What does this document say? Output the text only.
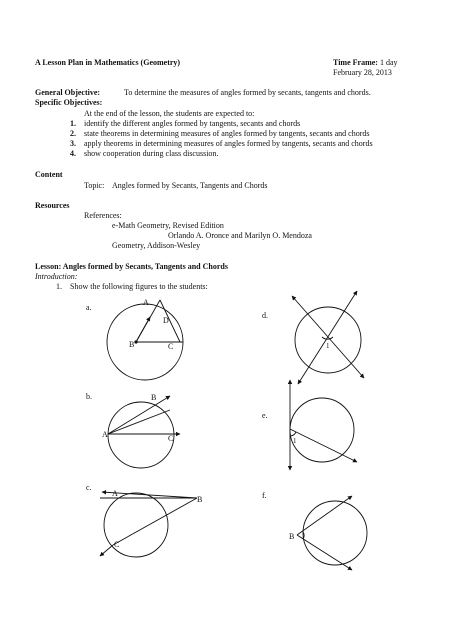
A Lesson Plan in Mathematics (Geometry)	Time Frame: 1 day
February 28, 2013
General Objective:	To determine the measures of angles formed by secants, tangents and chords.
Specific Objectives:
At the end of the lesson, the students are expected to:
1. identify the different angles formed by tangents, secants and chords
2. state theorems in determining measures of angles formed by tangents, secants and chords
3. apply theorems in determining measures of angles formed by tangents, secants and chords
4. show cooperation during class discussion.
Content
Topic: Angles formed by Secants, Tangents and Chords
Resources
References:
e-Math Geometry, Revised Edition
Orlando A. Oronce and Marilyn O. Mendoza
Geometry, Addison-Wesley
Lesson: Angles formed by Secants, Tangents and Chords
Introduction:
1. Show the following figures to the students:
a.
b.
c.
d.
e.
f.
A
D
B	C
B
A	C
A
B
C
1
1
B
